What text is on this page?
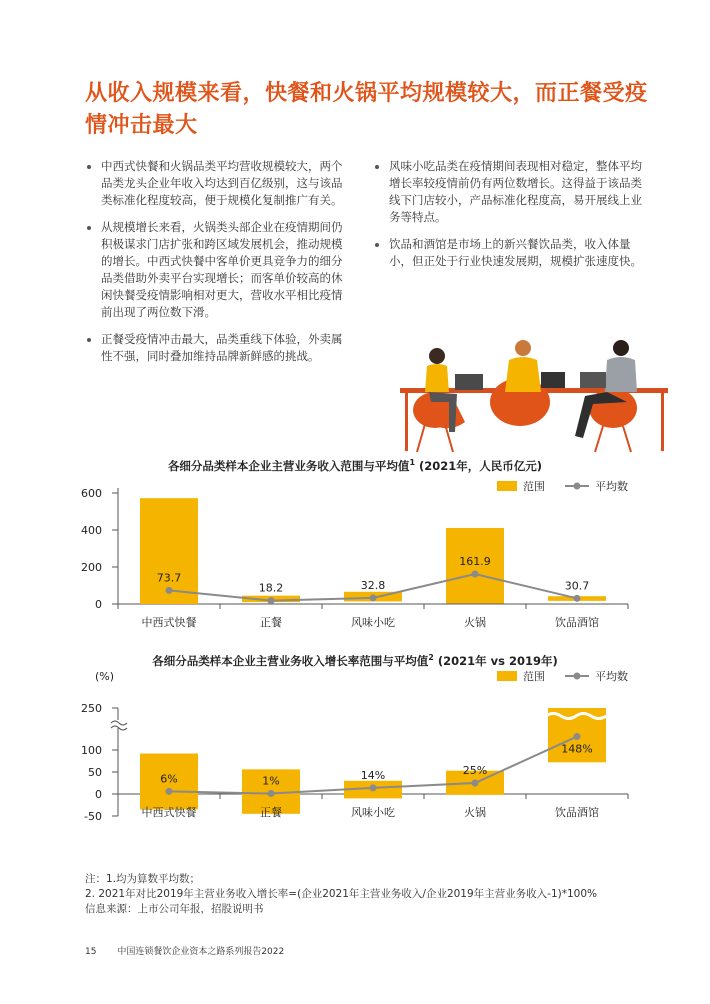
从收入规模来看，快餐和火锅平均规模较大，而正餐受疫情冲击最大
中西式快餐和火锅品类平均营收规模较大，两个品类龙头企业年收入均达到百亿级别，这与该品类标准化程度较高，便于规模化复制推广有关。
从规模增长来看，火锅类头部企业在疫情期间仍积极谋求门店扩张和跨区域发展机会，推动规模的增长。中西式快餐中客单价更具竞争力的细分品类借助外卖平台实现增长；而客单价较高的休闲快餐受疫情影响相对更大，营收水平相比疫情前出现了两位数下滑。
正餐受疫情冲击最大，品类重线下体验，外卖属性不强，同时叠加维持品牌新鲜感的挑战。
风味小吃品类在疫情期间表现相对稳定，整体平均增长率较疫情前仍有两位数增长。这得益于该品类线下门店较小，产品标准化程度高，易开展线上业务等特点。
饮品和酒馆是市场上的新兴餐饮品类，收入体量小，但正处于行业快速发展期，规模扩张速度快。
各细分品类样本企业主营业务收入范围与平均值$^1$ (2021年，人民币亿元)
范围	平均数
0
200
400
600
73.7
18.2	32.8
161.9
30.7
中西式快餐	正餐	风味小吃	火锅	饮品酒馆
各细分品类样本企业主营业务收入增长率范围与平均值$^2$ (2021年 vs 2019年)
范围	平均数
(%)
-50
0
50
100
250
6%	1%	14%	25%
148%
中西式快餐	正餐	风味小吃	火锅	饮品酒馆
注：1.均为算数平均数；
2. 2021年对比2019年主营业务收入增长率=(企业2021年主营业务收入/企业2019年主营业务收入-1)*100%
信息来源：上市公司年报，招股说明书
15 中国连锁餐饮企业资本之路系列报告2022
